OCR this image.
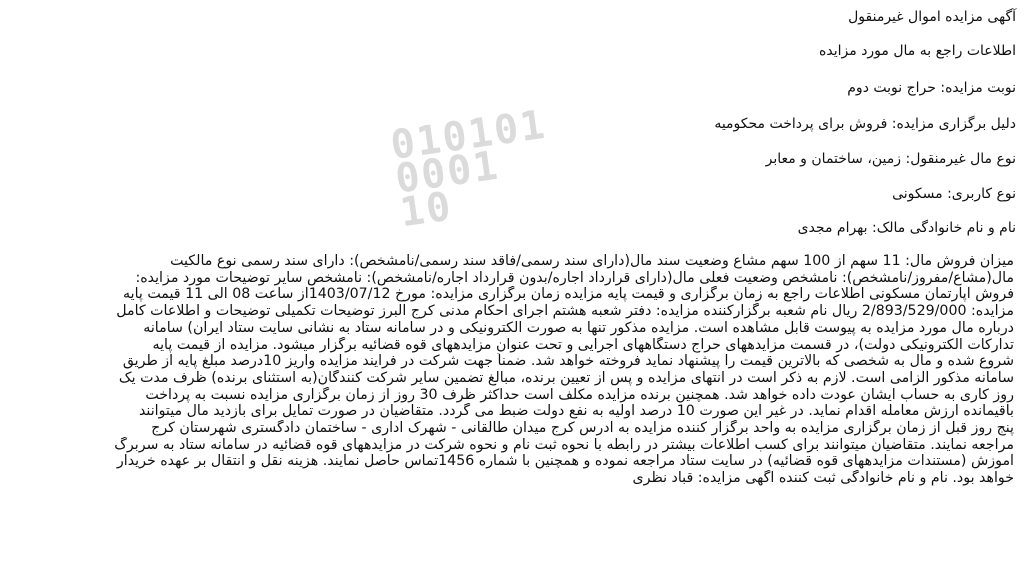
010101
0001
10
آگهی مزایده اموال غیرمنقول
اطلاعات راجع به مال مورد مزایده
نوبت مزایده: حراج نوبت دوم
دلیل برگزاری مزایده: فروش برای پرداخت محکومیه
نوع مال غیرمنقول: زمین، ساختمان و معابر
نوع کاربری: مسکونی
نام و نام خانوادگی مالک: بهرام مجدی
میزان فروش مال: 11 سهم از 100 سهم مشاع وضعیت سند مال(دارای سند رسمی/فاقد سند رسمی/نامشخص): دارای سند رسمی نوع مالکیت
مال(مشاع/مفروز/نامشخص): نامشخص وضعیت فعلی مال(دارای قرارداد اجاره/بدون قرارداد اجاره/نامشخص): نامشخص سایر توضیحات مورد مزایده:
فروش آپارتمان مسکونی اطلاعات راجع به زمان برگزاری و قیمت پایه مزایده زمان برگزاری مزایده: مورخ 1403/07/12از ساعت 08 الی 11 قیمت پایه
مزایده: 2/893/529/000 ریال نام شعبه برگزارکننده مزایده: دفتر شعبه هشتم اجرای احکام مدنی کرج البرز توضیحات تکمیلی توضیحات و اطلاعات کامل
درباره مال مورد مزایده به پیوست قابل مشاهده است. مزایده مذکور تنها به صورت الکترونیکی و در سامانه ستاد به نشانی سایت ستاد ایران) سامانه
تدارکات الکترونیکی دولت)، در قسمت مزایدههای حراج دستگاههای اجرایی و تحت عنوان مزایدههای قوه قضائیه برگزار میشود. مزایده از قیمت پایه
شروع شده و مال به شخصی که بالاترین قیمت را پیشنهاد نماید فروخته خواهد شد. ضمناً جهت شرکت در فرایند مزایده واریز 10درصد مبلغ پایه از طریق
سامانه مذکور الزامی است. لازم به ذکر است در انتهای مزایده و پس از تعیین برنده، مبالغ تضمین سایر شرکت کنندگان(به استثنای برنده) ظرف مدت یک
روز کاری به حساب ایشان عودت داده خواهد شد. همچنین برنده مزایده مکلف است حداکثر ظرف 30 روز از زمان برگزاری مزایده نسبت به پرداخت
باقیمانده ارزش معامله اقدام نماید. در غیر این صورت 10 درصد اولیه به نفع دولت ضبط می گردد. متقاضیان در صورت تمایل برای بازدید مال میتوانند
پنج روز قبل از زمان برگزاری مزایده به واحد برگزار کننده مزایده به آدرس کرج میدان طالقانی - شهرک اداری - ساختمان دادگستری شهرستان کرج
مراجعه نمایند. متقاضیان میتوانند برای کسب اطلاعات بیشتر در رابطه با نحوه ثبت نام و نحوه شرکت در مزایدههای قوه قضائیه در سامانه ستاد به سربرگ
آموزش (مستندات مزایدههای قوه قضائیه) در سایت ستاد مراجعه نموده و همچنین با شماره 1456تماس حاصل نمایند. هزینه نقل و انتقال بر عهده خریدار
خواهد بود. نام و نام خانوادگی ثبت کننده آگهی مزایده: قباد نظری
